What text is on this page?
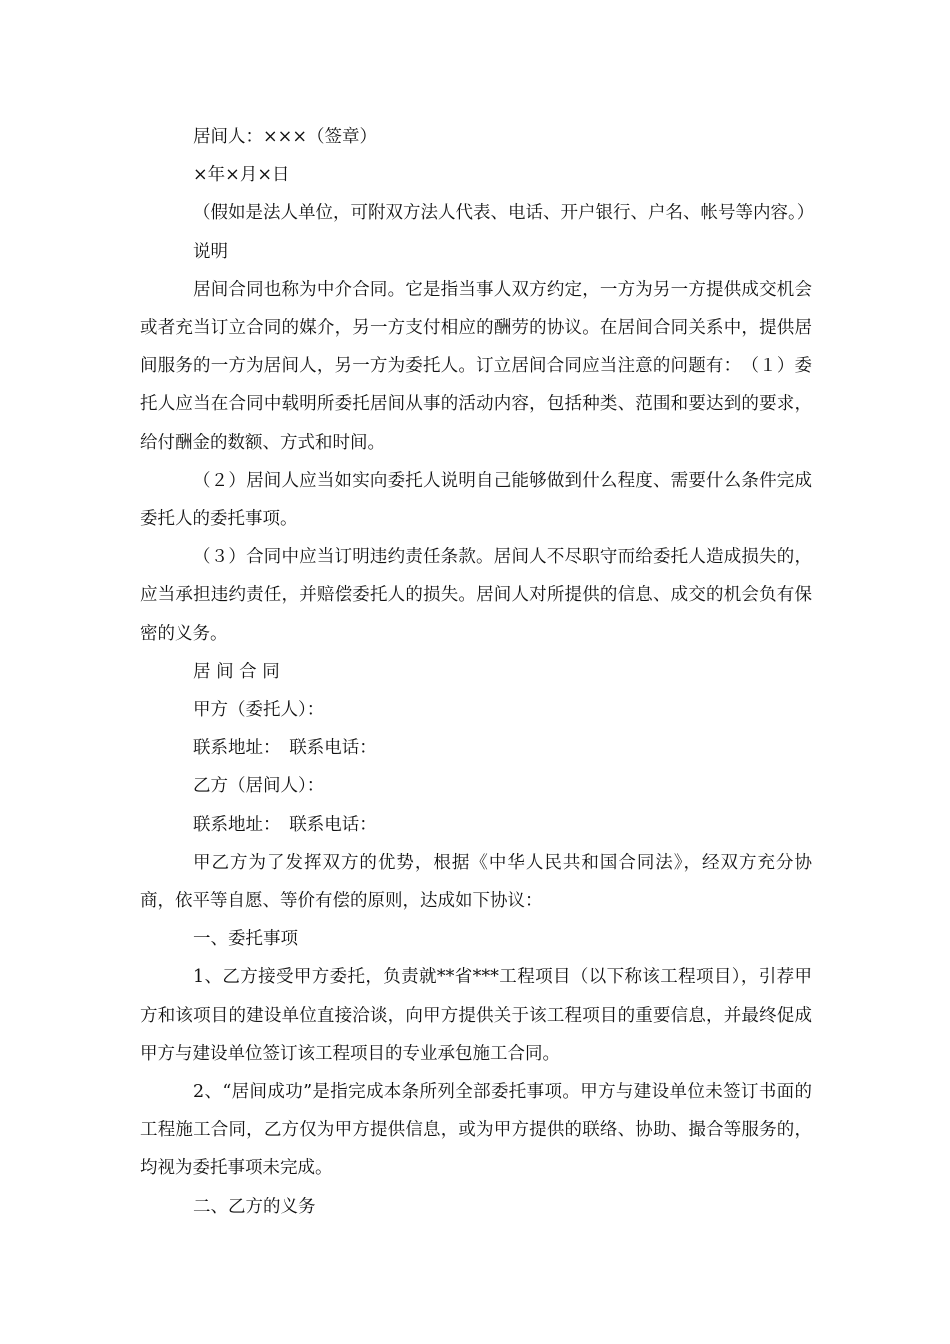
居间人：×××（签章）

×年×月×日

（假如是法人单位，可附双方法人代表、电话、开户银行、户名、帐号等内容。）

说明

居间合同也称为中介合同。它是指当事人双方约定，一方为另一方提供成交机会或者充当订立合同的媒介，另一方支付相应的酬劳的协议。在居间合同关系中，提供居间服务的一方为居间人，另一方为委托人。订立居间合同应当注意的问题有：　（１）委托人应当在合同中载明所委托居间从事的活动内容，包括种类、范围和要达到的要求，给付酬金的数额、方式和时间。

（２）居间人应当如实向委托人说明自己能够做到什么程度、需要什么条件完成委托人的委托事项。

（３）合同中应当订明违约责任条款。居间人不尽职守而给委托人造成损失的，应当承担违约责任，并赔偿委托人的损失。居间人对所提供的信息、成交的机会负有保密的义务。

居 间 合 同

甲方（委托人）：

联系地址：　联系电话：

乙方（居间人）：

联系地址：　联系电话：

甲乙方为了发挥双方的优势，根据《中华人民共和国合同法》，经双方充分协商，依平等自愿、等价有偿的原则，达成如下协议：

一、委托事项

1、乙方接受甲方委托，负责就**省***工程项目（以下称该工程项目），引荐甲方和该项目的建设单位直接洽谈，向甲方提供关于该工程项目的重要信息，并最终促成甲方与建设单位签订该工程项目的专业承包施工合同。

2、“居间成功”是指完成本条所列全部委托事项。甲方与建设单位未签订书面的工程施工合同，乙方仅为甲方提供信息，或为甲方提供的联络、协助、撮合等服务的，均视为委托事项未完成。

二、乙方的义务
